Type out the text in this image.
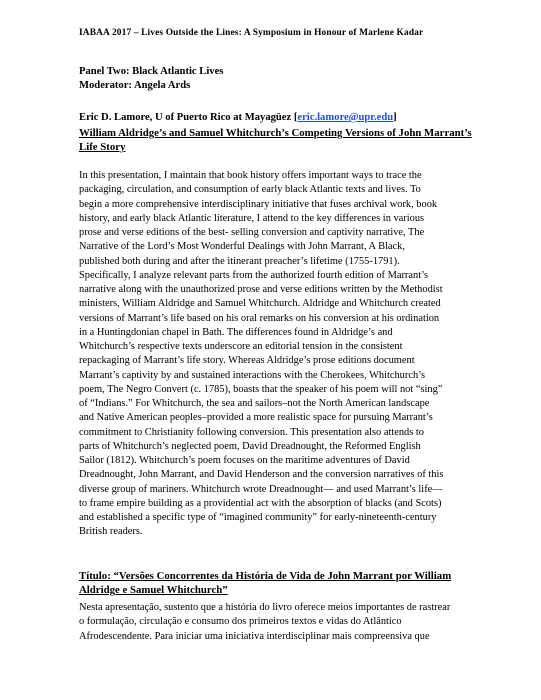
IABAA 2017 – Lives Outside the Lines: A Symposium in Honour of Marlene Kadar
Panel Two: Black Atlantic Lives
Moderator: Angela Ards
Eric D. Lamore, U of Puerto Rico at Mayagüez [eric.lamore@upr.edu]
William Aldridge’s and Samuel Whitchurch’s Competing Versions of John Marrant’s Life Story
In this presentation, I maintain that book history offers important ways to trace the
packaging, circulation, and consumption of early black Atlantic texts and lives. To
begin a more comprehensive interdisciplinary initiative that fuses archival work, book
history, and early black Atlantic literature, I attend to the key differences in various
prose and verse editions of the best- selling conversion and captivity narrative, The
Narrative of the Lord’s Most Wonderful Dealings with John Marrant, A Black,
published both during and after the itinerant preacher’s lifetime (1755-1791).
Specifically, I analyze relevant parts from the authorized fourth edition of Marrant’s
narrative along with the unauthorized prose and verse editions written by the Methodist
ministers, William Aldridge and Samuel Whitchurch. Aldridge and Whitchurch created
versions of Marrant’s life based on his oral remarks on his conversion at his ordination
in a Huntingdonian chapel in Bath. The differences found in Aldridge’s and
Whitchurch’s respective texts underscore an editorial tension in the consistent
repackaging of Marrant’s life story. Whereas Aldridge’s prose editions document
Marrant’s captivity by and sustained interactions with the Cherokees, Whitchurch’s
poem, The Negro Convert (c. 1785), boasts that the speaker of his poem will not “sing”
of “Indians.” For Whitchurch, the sea and sailors–not the North American landscape
and Native American peoples–provided a more realistic space for pursuing Marrant’s
commitment to Christianity following conversion. This presentation also attends to
parts of Whitchurch’s neglected poem, David Dreadnought, the Reformed English
Sailor (1812). Whitchurch’s poem focuses on the maritime adventures of David
Dreadnought, John Marrant, and David Henderson and the conversion narratives of this
diverse group of mariners. Whitchurch wrote Dreadnought— and used Marrant’s life—
to frame empire building as a providential act with the absorption of blacks (and Scots)
and established a specific type of “imagined community” for early-nineteenth-century
British readers.
Título: “Versões Concorrentes da História de Vida de John Marrant por William Aldridge e Samuel Whitchurch”
Nesta apresentação, sustento que a história do livro oferece meios importantes de rastrear
o formulação, circulação e consumo dos primeiros textos e vidas do Atlântico
Afrodescendente. Para iniciar uma iniciativa interdisciplinar mais compreensiva que
